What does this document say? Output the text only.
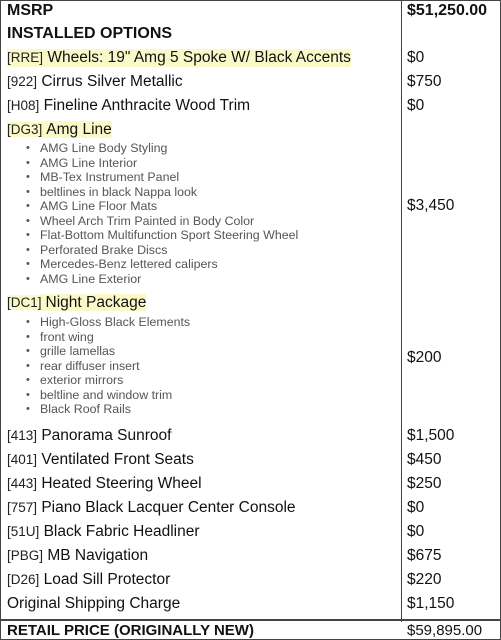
MSRP	$51,250.00
INSTALLED OPTIONS
[RRE] Wheels: 19" Amg 5 Spoke W/ Black Accents	$0
[922] Cirrus Silver Metallic	$750
[H08] Fineline Anthracite Wood Trim	$0
[DG3] Amg Line
• AMG Line Body Styling
• AMG Line Interior
• MB-Tex Instrument Panel
• beltlines in black Nappa look
• AMG Line Floor Mats
• Wheel Arch Trim Painted in Body Color
• Flat-Bottom Multifunction Sport Steering Wheel
• Perforated Brake Discs
• Mercedes-Benz lettered calipers
• AMG Line Exterior
$3,450
[DC1] Night Package
• High-Gloss Black Elements
• front wing
• grille lamellas
• rear diffuser insert
• exterior mirrors
• beltline and window trim
• Black Roof Rails
$200
[413] Panorama Sunroof	$1,500
[401] Ventilated Front Seats	$450
[443] Heated Steering Wheel	$250
[757] Piano Black Lacquer Center Console	$0
[51U] Black Fabric Headliner	$0
[PBG] MB Navigation	$675
[D26] Load Sill Protector	$220
Original Shipping Charge	$1,150
RETAIL PRICE (ORIGINALLY NEW)	$59,895.00
